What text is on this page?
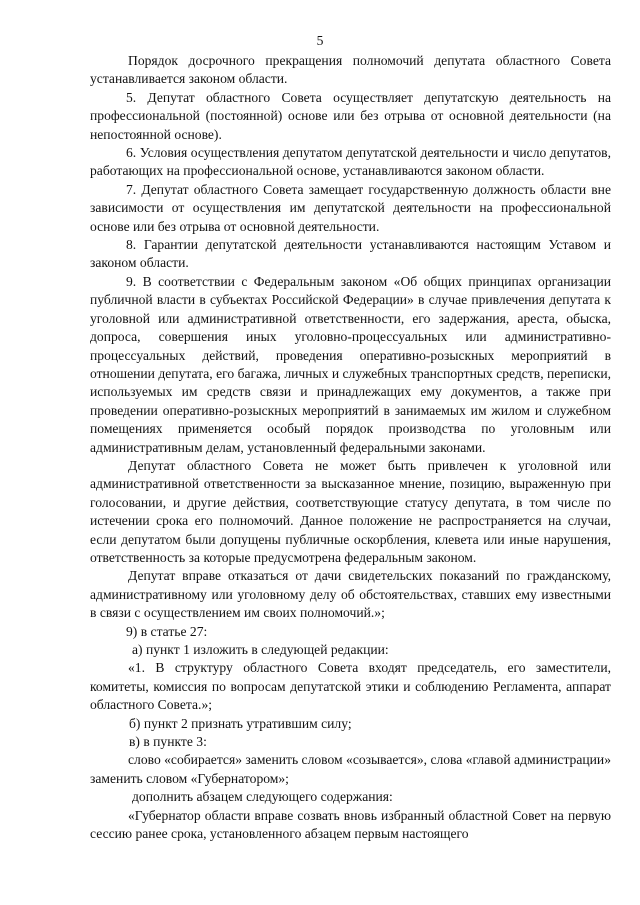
5

Порядок досрочного прекращения полномочий депутата областного Совета устанавливается законом области.

5. Депутат областного Совета осуществляет депутатскую деятельность на профессиональной (постоянной) основе или без отрыва от основной деятельности (на непостоянной основе).

6. Условия осуществления депутатом депутатской деятельности и число депутатов, работающих на профессиональной основе, устанавливаются законом области.

7. Депутат областного Совета замещает государственную должность области вне зависимости от осуществления им депутатской деятельности на профессиональной основе или без отрыва от основной деятельности.

8. Гарантии депутатской деятельности устанавливаются настоящим Уставом и законом области.

9. В соответствии с Федеральным законом «Об общих принципах организации публичной власти в субъектах Российской Федерации» в случае привлечения депутата к уголовной или административной ответственности, его задержания, ареста, обыска, допроса, совершения иных уголовно-процессуальных или административно-процессуальных действий, проведения оперативно-розыскных мероприятий в отношении депутата, его багажа, личных и служебных транспортных средств, переписки, используемых им средств связи и принадлежащих ему документов, а также при проведении оперативно-розыскных мероприятий в занимаемых им жилом и служебном помещениях применяется особый порядок производства по уголовным или административным делам, установленный федеральными законами.

Депутат областного Совета не может быть привлечен к уголовной или административной ответственности за высказанное мнение, позицию, выраженную при голосовании, и другие действия, соответствующие статусу депутата, в том числе по истечении срока его полномочий. Данное положение не распространяется на случаи, если депутатом были допущены публичные оскорбления, клевета или иные нарушения, ответственность за которые предусмотрена федеральным законом.

Депутат вправе отказаться от дачи свидетельских показаний по гражданскому, административному или уголовному делу об обстоятельствах, ставших ему известными в связи с осуществлением им своих полномочий.»;

9) в статье 27:

а) пункт 1 изложить в следующей редакции:

«1. В структуру областного Совета входят председатель, его заместители, комитеты, комиссия по вопросам депутатской этики и соблюдению Регламента, аппарат областного Совета.»;

б) пункт 2 признать утратившим силу;

в) в пункте 3:

слово «собирается» заменить словом «созывается», слова «главой администрации» заменить словом «Губернатором»;

дополнить абзацем следующего содержания:

«Губернатор области вправе созвать вновь избранный областной Совет на первую сессию ранее срока, установленного абзацем первым настоящего
